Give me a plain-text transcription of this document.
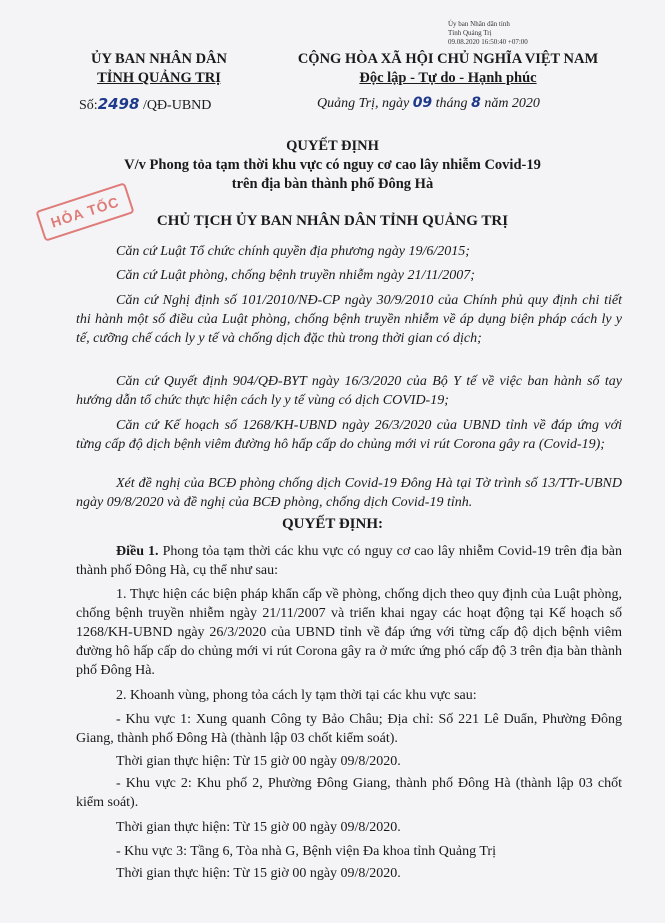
Ủy ban Nhân dân tỉnh
Tỉnh Quảng Trị
09.08.2020 16:50:40 +07:00
ỦY BAN NHÂN DÂN
TỈNH QUẢNG TRỊ
CỘNG HÒA XÃ HỘI CHỦ NGHĨA VIỆT NAM
Độc lập - Tự do - Hạnh phúc
Số:2498 /QĐ-UBND	Quảng Trị, ngày 09 tháng 8 năm 2020
QUYẾT ĐỊNH
V/v Phong tỏa tạm thời khu vực có nguy cơ cao lây nhiễm Covid-19
trên địa bàn thành phố Đông Hà
HỎA TỐC	CHỦ TỊCH ỦY BAN NHÂN DÂN TỈNH QUẢNG TRỊ
Căn cứ Luật Tổ chức chính quyền địa phương ngày 19/6/2015;
Căn cứ Luật phòng, chống bệnh truyền nhiễm ngày 21/11/2007;
Căn cứ Nghị định số 101/2010/NĐ-CP ngày 30/9/2010 của Chính phủ quy định chi tiết thi hành một số điều của Luật phòng, chống bệnh truyền nhiễm về áp dụng biện pháp cách ly y tế, cưỡng chế cách ly y tế và chống dịch đặc thù trong thời gian có dịch;
Căn cứ Quyết định 904/QĐ-BYT ngày 16/3/2020 của Bộ Y tế về việc ban hành sổ tay hướng dẫn tổ chức thực hiện cách ly y tế vùng có dịch COVID-19;
Căn cứ Kế hoạch số 1268/KH-UBND ngày 26/3/2020 của UBND tỉnh về đáp ứng với từng cấp độ dịch bệnh viêm đường hô hấp cấp do chủng mới vi rút Corona gây ra (Covid-19);
Xét đề nghị của BCĐ phòng chống dịch Covid-19 Đông Hà tại Tờ trình số 13/TTr-UBND ngày 09/8/2020 và đề nghị của BCĐ phòng, chống dịch Covid-19 tỉnh.
QUYẾT ĐỊNH:
Điều 1. Phong tỏa tạm thời các khu vực có nguy cơ cao lây nhiễm Covid-19 trên địa bàn thành phố Đông Hà, cụ thể như sau:
1. Thực hiện các biện pháp khẩn cấp về phòng, chống dịch theo quy định của Luật phòng, chống bệnh truyền nhiễm ngày 21/11/2007 và triển khai ngay các hoạt động tại Kế hoạch số 1268/KH-UBND ngày 26/3/2020 của UBND tỉnh về đáp ứng với từng cấp độ dịch bệnh viêm đường hô hấp cấp do chủng mới vi rút Corona gây ra ở mức ứng phó cấp độ 3 trên địa bàn thành phố Đông Hà.
2. Khoanh vùng, phong tỏa cách ly tạm thời tại các khu vực sau:
- Khu vực 1: Xung quanh Công ty Bảo Châu; Địa chỉ: Số 221 Lê Duẩn, Phường Đông Giang, thành phố Đông Hà (thành lập 03 chốt kiểm soát).
Thời gian thực hiện: Từ 15 giờ 00 ngày 09/8/2020.
- Khu vực 2: Khu phố 2, Phường Đông Giang, thành phố Đông Hà (thành lập 03 chốt kiểm soát).
Thời gian thực hiện: Từ 15 giờ 00 ngày 09/8/2020.
- Khu vực 3: Tầng 6, Tòa nhà G, Bệnh viện Đa khoa tỉnh Quảng Trị
Thời gian thực hiện: Từ 15 giờ 00 ngày 09/8/2020.
